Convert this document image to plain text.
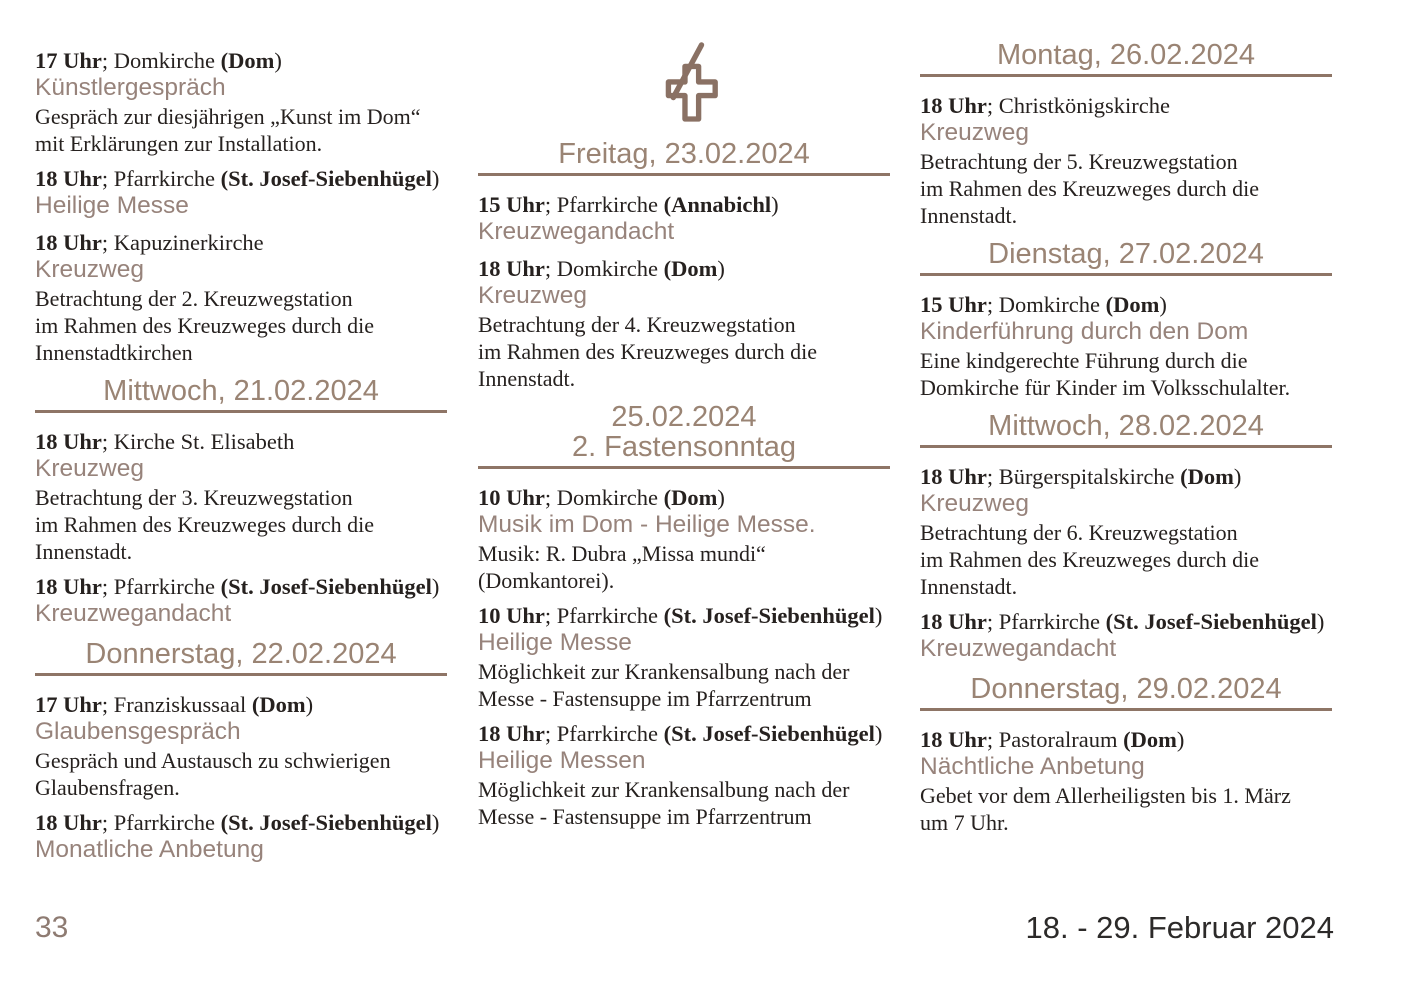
17 Uhr; Domkirche (Dom)
Künstlergespräch
Gespräch zur diesjährigen „Kunst im Dom“
mit Erklärungen zur Installation.
18 Uhr; Pfarrkirche (St. Josef-Siebenhügel)
Heilige Messe
18 Uhr; Kapuzinerkirche
Kreuzweg
Betrachtung der 2. Kreuzwegstation
im Rahmen des Kreuzweges durch die
Innenstadtkirchen
Mittwoch, 21.02.2024
18 Uhr; Kirche St. Elisabeth
Kreuzweg
Betrachtung der 3. Kreuzwegstation
im Rahmen des Kreuzweges durch die
Innenstadt.
18 Uhr; Pfarrkirche (St. Josef-Siebenhügel)
Kreuzwegandacht
Donnerstag, 22.02.2024
17 Uhr; Franziskussaal (Dom)
Glaubensgespräch
Gespräch und Austausch zu schwierigen
Glaubensfragen.
18 Uhr; Pfarrkirche (St. Josef-Siebenhügel)
Monatliche Anbetung
Freitag, 23.02.2024
15 Uhr; Pfarrkirche (Annabichl)
Kreuzwegandacht
18 Uhr; Domkirche (Dom)
Kreuzweg
Betrachtung der 4. Kreuzwegstation
im Rahmen des Kreuzweges durch die
Innenstadt.
25.02.2024
2. Fastensonntag
10 Uhr; Domkirche (Dom)
Musik im Dom - Heilige Messe.
Musik: R. Dubra „Missa mundi“
(Domkantorei).
10 Uhr; Pfarrkirche (St. Josef-Siebenhügel)
Heilige Messe
Möglichkeit zur Krankensalbung nach der
Messe - Fastensuppe im Pfarrzentrum
18 Uhr; Pfarrkirche (St. Josef-Siebenhügel)
Heilige Messen
Möglichkeit zur Krankensalbung nach der
Messe - Fastensuppe im Pfarrzentrum
Montag, 26.02.2024
18 Uhr; Christkönigskirche
Kreuzweg
Betrachtung der 5. Kreuzwegstation
im Rahmen des Kreuzweges durch die
Innenstadt.
Dienstag, 27.02.2024
15 Uhr; Domkirche (Dom)
Kinderführung durch den Dom
Eine kindgerechte Führung durch die
Domkirche für Kinder im Volksschulalter.
Mittwoch, 28.02.2024
18 Uhr; Bürgerspitalskirche (Dom)
Kreuzweg
Betrachtung der 6. Kreuzwegstation
im Rahmen des Kreuzweges durch die
Innenstadt.
18 Uhr; Pfarrkirche (St. Josef-Siebenhügel)
Kreuzwegandacht
Donnerstag, 29.02.2024
18 Uhr; Pastoralraum (Dom)
Nächtliche Anbetung
Gebet vor dem Allerheiligsten bis 1. März
um 7 Uhr.
33	18. - 29. Februar 2024
